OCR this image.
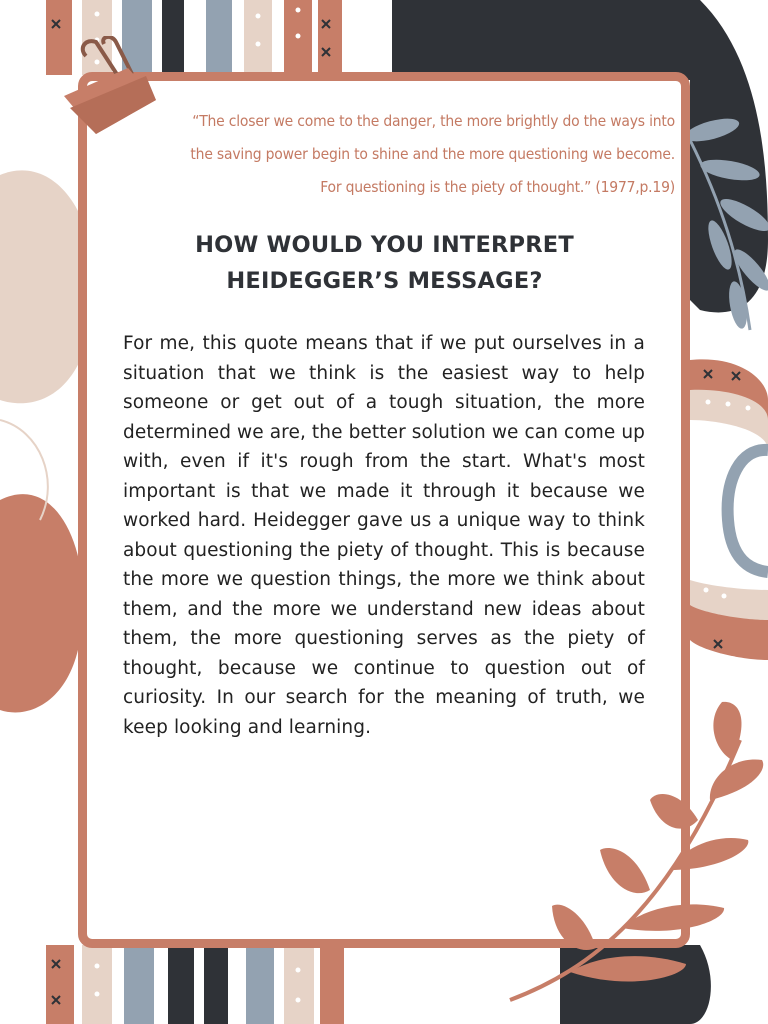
“The closer we come to the danger, the more brightly do the ways into the saving power begin to shine and the more questioning we become. For questioning is the piety of thought.” (1977,p.19)

HOW WOULD YOU INTERPRET HEIDEGGER’S MESSAGE?

For me, this quote means that if we put ourselves in a situation that we think is the easiest way to help someone or get out of a tough situation, the more determined we are, the better solution we can come up with, even if it's rough from the start. What's most important is that we made it through it because we worked hard. Heidegger gave us a unique way to think about questioning the piety of thought. This is because the more we question things, the more we think about them, and the more we understand new ideas about them, the more questioning serves as the piety of thought, because we continue to question out of curiosity. In our search for the meaning of truth, we keep looking and learning.
